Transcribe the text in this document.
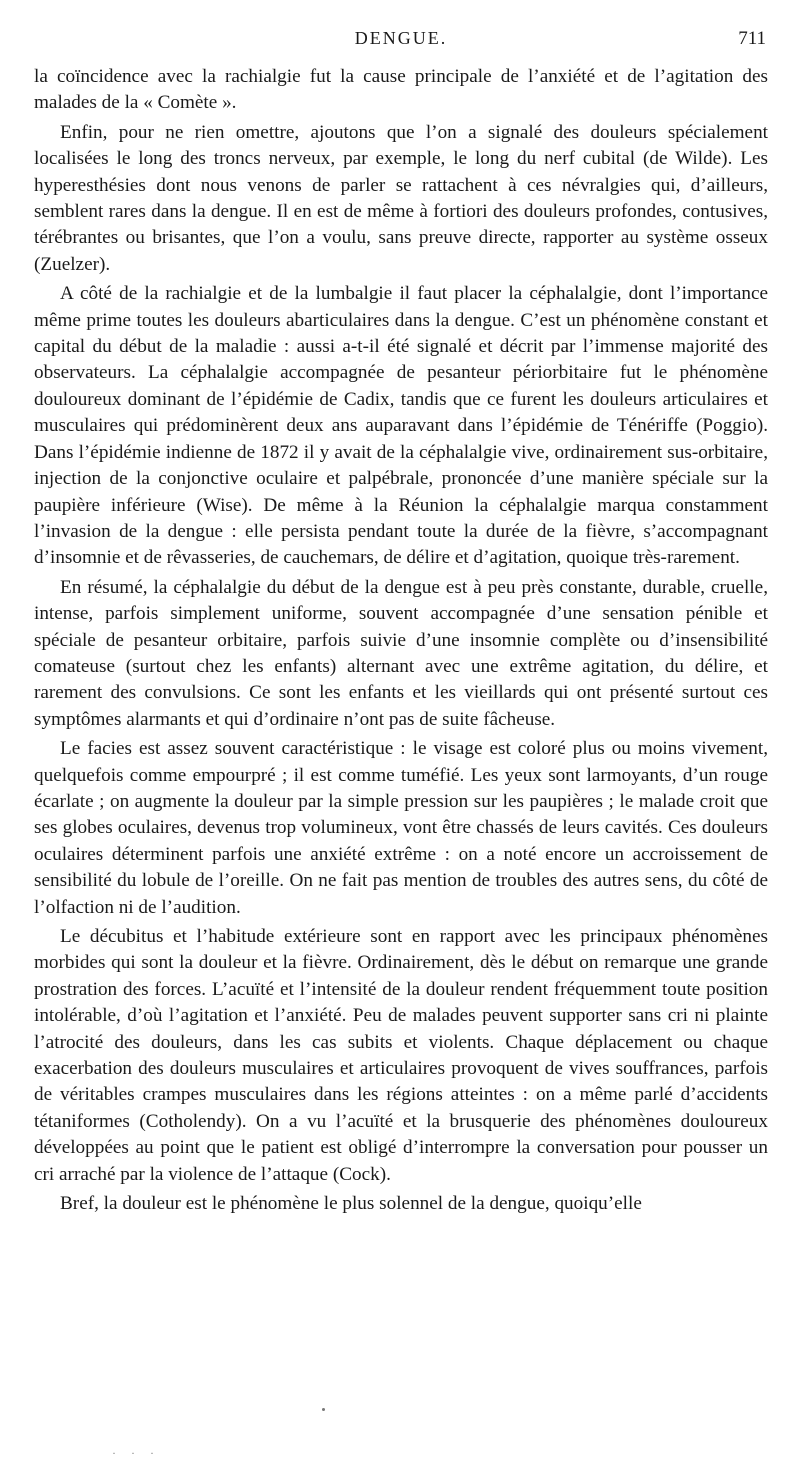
DENGUE.	711

la coïncidence avec la rachialgie fut la cause principale de l’anxiété et de l’agitation des malades de la « Comète ».

Enfin, pour ne rien omettre, ajoutons que l’on a signalé des douleurs spécialement localisées le long des troncs nerveux, par exemple, le long du nerf cubital (de Wilde). Les hyperesthésies dont nous venons de parler se rattachent à ces névralgies qui, d’ailleurs, semblent rares dans la dengue. Il en est de même à fortiori des douleurs profondes, contusives, térébrantes ou brisantes, que l’on a voulu, sans preuve directe, rapporter au système osseux (Zuelzer).

A côté de la rachialgie et de la lumbalgie il faut placer la céphalalgie, dont l’importance même prime toutes les douleurs abarticulaires dans la dengue. C’est un phénomène constant et capital du début de la maladie : aussi a-t-il été signalé et décrit par l’immense majorité des observateurs. La céphalalgie accompagnée de pesanteur périorbitaire fut le phénomène douloureux dominant de l’épidémie de Cadix, tandis que ce furent les douleurs articulaires et musculaires qui prédominèrent deux ans auparavant dans l’épidémie de Ténériffe (Poggio). Dans l’épidémie indienne de 1872 il y avait de la céphalalgie vive, ordinairement sus-orbitaire, injection de la conjonctive oculaire et palpébrale, prononcée d’une manière spéciale sur la paupière inférieure (Wise). De même à la Réunion la céphalalgie marqua constamment l’invasion de la dengue : elle persista pendant toute la durée de la fièvre, s’accompagnant d’insomnie et de rêvasseries, de cauchemars, de délire et d’agitation, quoique très-rarement.

En résumé, la céphalalgie du début de la dengue est à peu près constante, durable, cruelle, intense, parfois simplement uniforme, souvent accompagnée d’une sensation pénible et spéciale de pesanteur orbitaire, parfois suivie d’une insomnie complète ou d’insensibilité comateuse (surtout chez les enfants) alternant avec une extrême agitation, du délire, et rarement des convulsions. Ce sont les enfants et les vieillards qui ont présenté surtout ces symptômes alarmants et qui d’ordinaire n’ont pas de suite fâcheuse.

Le facies est assez souvent caractéristique : le visage est coloré plus ou moins vivement, quelquefois comme empourpré ; il est comme tuméfié. Les yeux sont larmoyants, d’un rouge écarlate ; on augmente la douleur par la simple pression sur les paupières ; le malade croit que ses globes oculaires, devenus trop volumineux, vont être chassés de leurs cavités. Ces douleurs oculaires déterminent parfois une anxiété extrême : on a noté encore un accroissement de sensibilité du lobule de l’oreille. On ne fait pas mention de troubles des autres sens, du côté de l’olfaction ni de l’audition.

Le décubitus et l’habitude extérieure sont en rapport avec les principaux phénomènes morbides qui sont la douleur et la fièvre. Ordinairement, dès le début on remarque une grande prostration des forces. L’acuïté et l’intensité de la douleur rendent fréquemment toute position intolérable, d’où l’agitation et l’anxiété. Peu de malades peuvent supporter sans cri ni plainte l’atrocité des douleurs, dans les cas subits et violents. Chaque déplacement ou chaque exacerbation des douleurs musculaires et articulaires provoquent de vives souffrances, parfois de véritables crampes musculaires dans les régions atteintes : on a même parlé d’accidents tétaniformes (Cotholendy). On a vu l’acuïté et la brusquerie des phénomènes douloureux développées au point que le patient est obligé d’interrompre la conversation pour pousser un cri arraché par la violence de l’attaque (Cock).

Bref, la douleur est le phénomène le plus solennel de la dengue, quoiqu’elle

· · ·
